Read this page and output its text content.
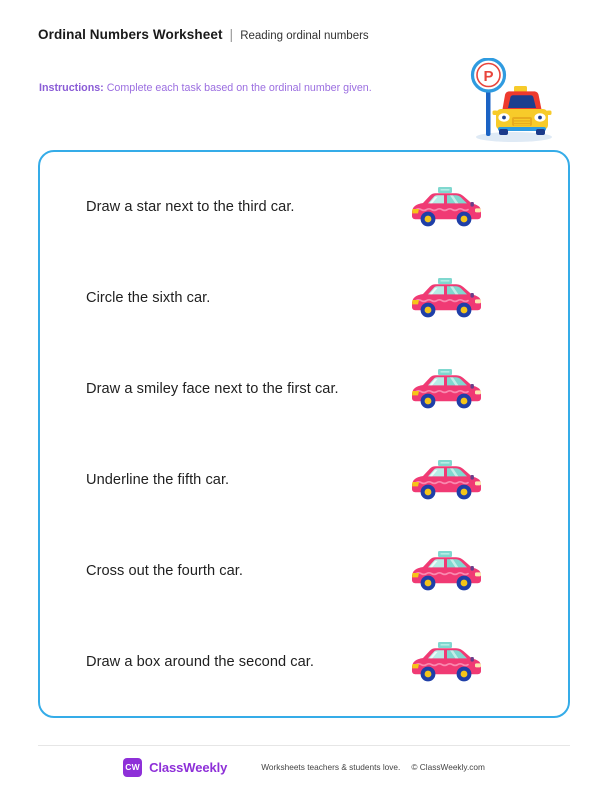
Ordinal Numbers Worksheet | Reading ordinal numbers
Instructions: Complete each task based on the ordinal number given.
P
Draw a star next to the third car.
Circle the sixth car.
Draw a smiley face next to the first car.
Underline the fifth car.
Cross out the fourth car.
Draw a box around the second car.
CW ClassWeekly	Worksheets teachers & students love. © ClassWeekly.com
